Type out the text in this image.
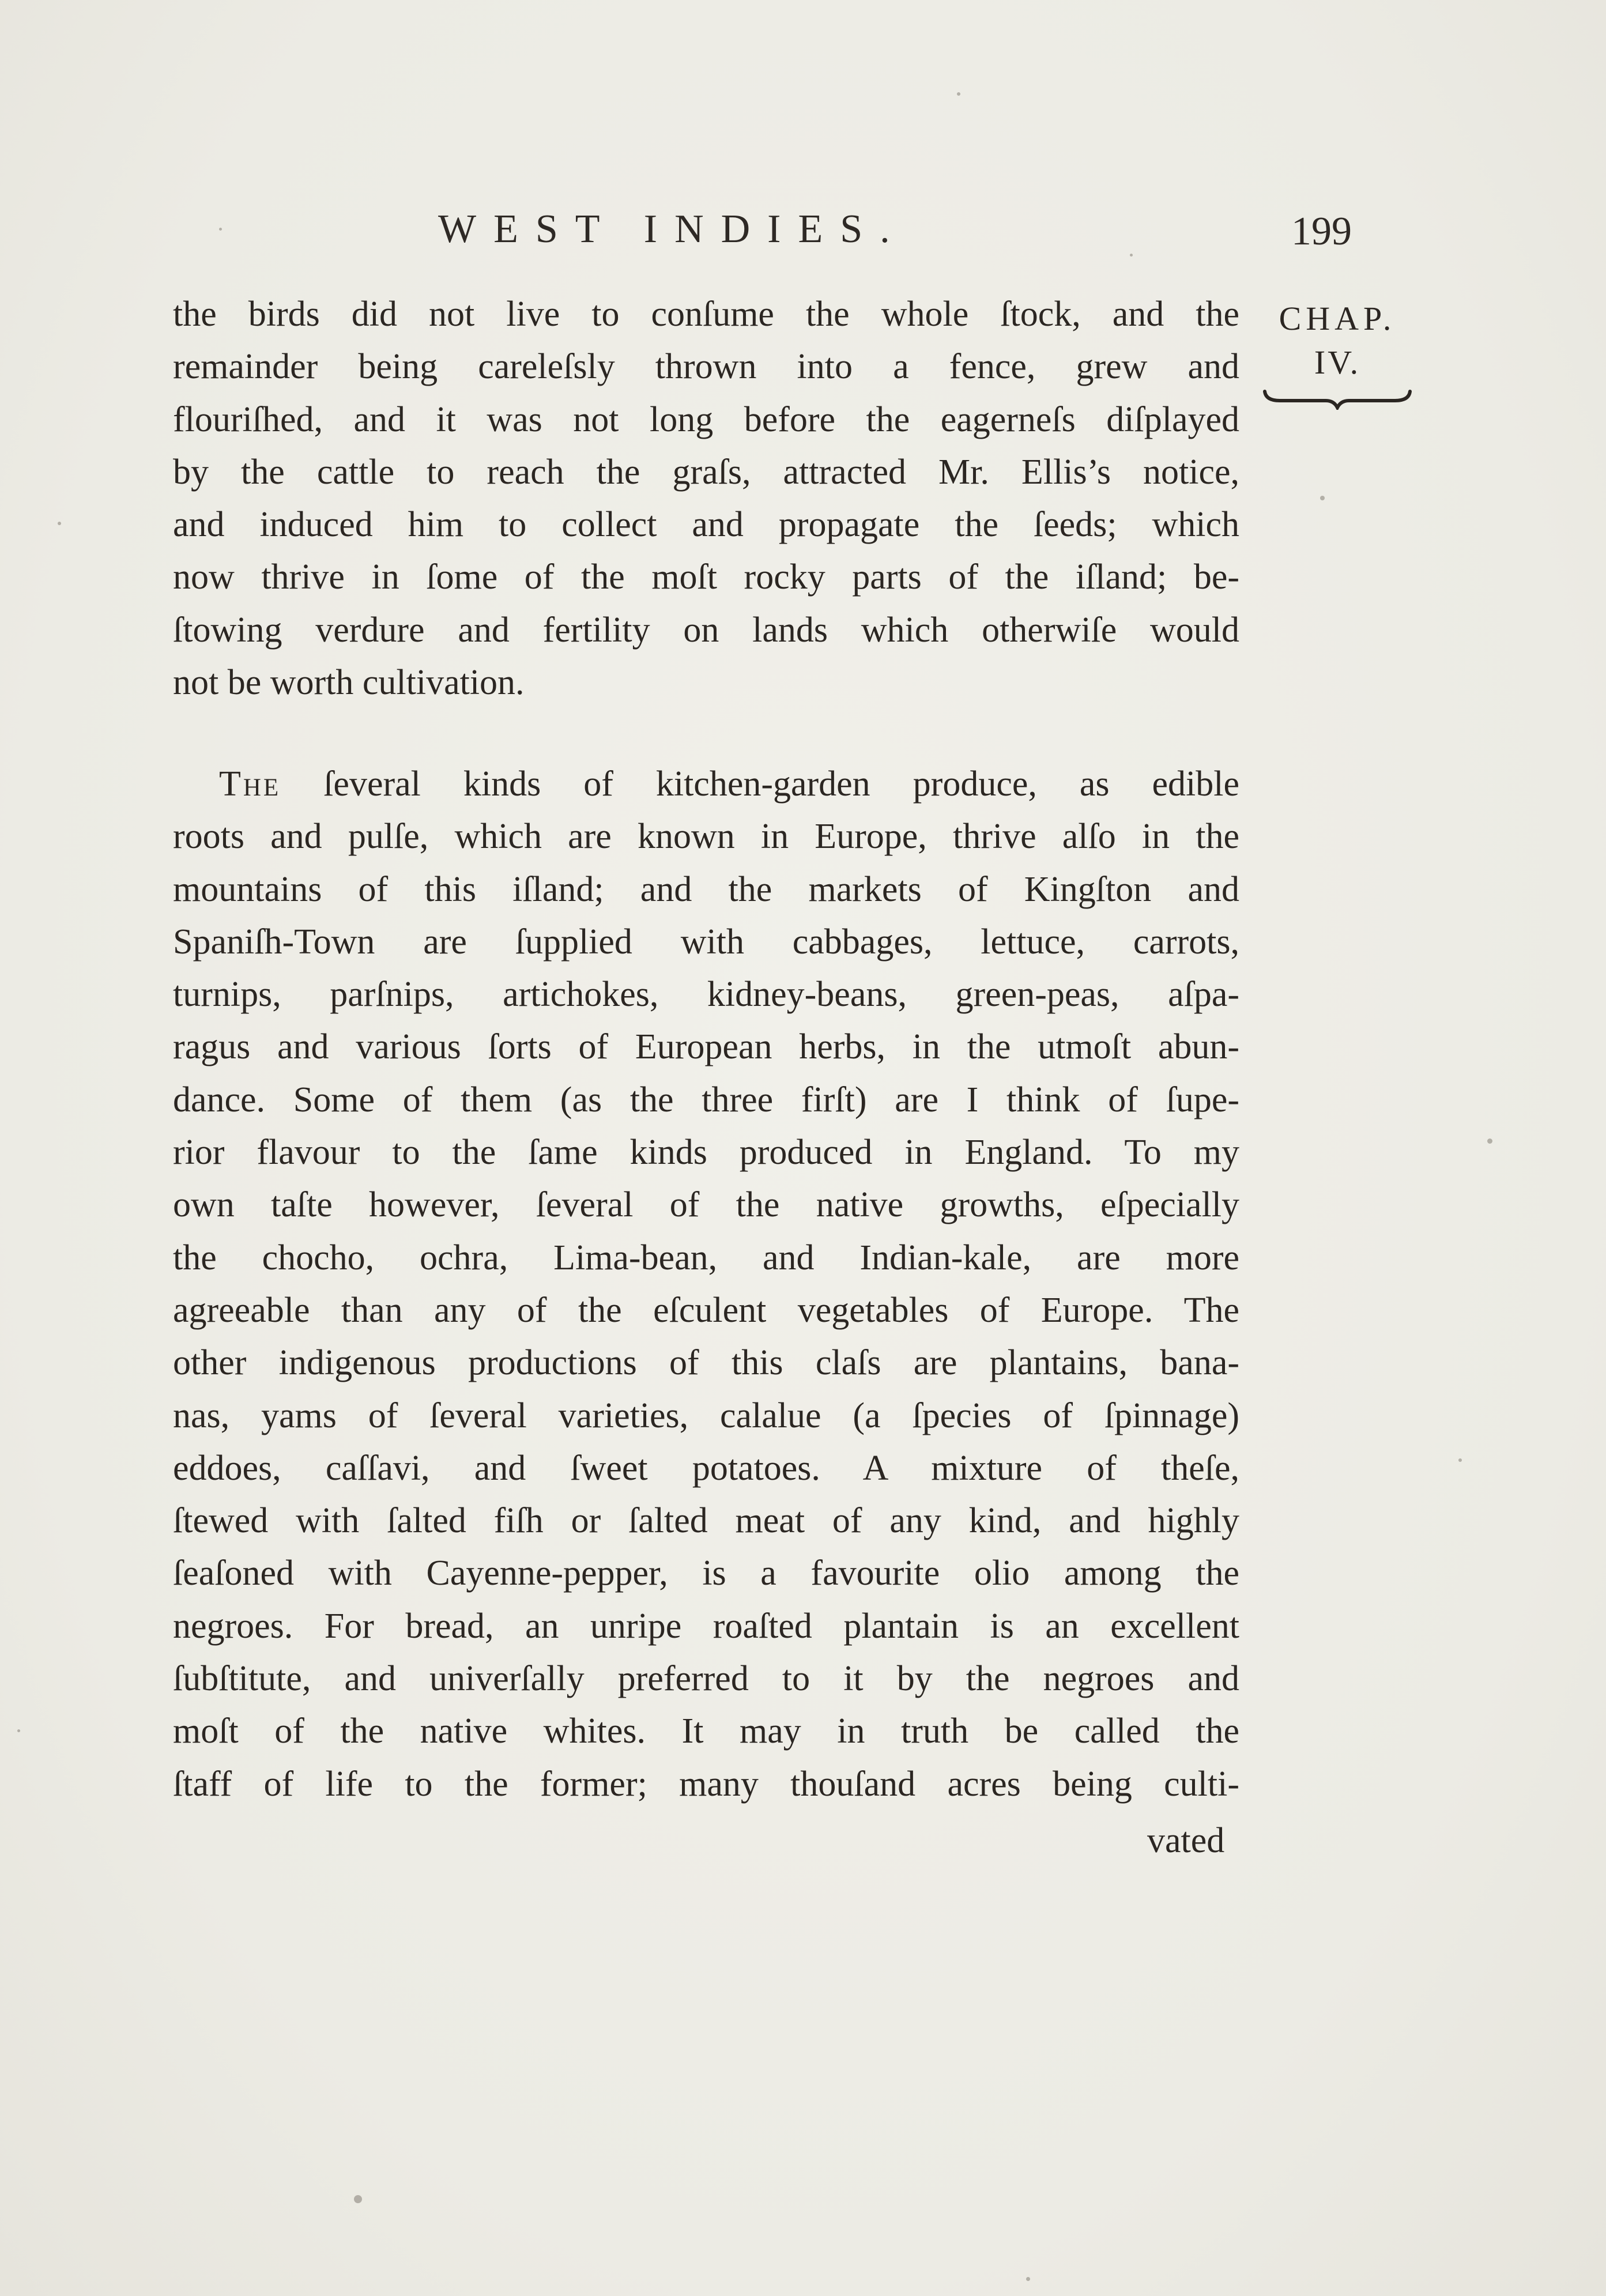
WEST INDIES.	199
CHAP.
IV.
the birds did not live to conſume the whole ſtock, and the
remainder being careleſsly thrown into a fence, grew and
flouriſhed, and it was not long before the eagerneſs diſplayed
by the cattle to reach the graſs, attracted Mr. Ellis’s notice,
and induced him to collect and propagate the ſeeds; which
now thrive in ſome of the moſt rocky parts of the iſland; be-
ſtowing verdure and fertility on lands which otherwiſe would
not be worth cultivation.
The ſeveral kinds of kitchen-garden produce, as edible
roots and pulſe, which are known in Europe, thrive alſo in the
mountains of this iſland; and the markets of Kingſton and
Spaniſh-Town are ſupplied with cabbages, lettuce, carrots,
turnips, parſnips, artichokes, kidney-beans, green-peas, aſpa-
ragus and various ſorts of European herbs, in the utmoſt abun-
dance. Some of them (as the three firſt) are I think of ſupe-
rior flavour to the ſame kinds produced in England. To my
own taſte however, ſeveral of the native growths, eſpecially
the chocho, ochra, Lima-bean, and Indian-kale, are more
agreeable than any of the eſculent vegetables of Europe. The
other indigenous productions of this claſs are plantains, bana-
nas, yams of ſeveral varieties, calalue (a ſpecies of ſpinnage)
eddoes, caſſavi, and ſweet potatoes. A mixture of theſe,
ſtewed with ſalted fiſh or ſalted meat of any kind, and highly
ſeaſoned with Cayenne-pepper, is a favourite olio among the
negroes. For bread, an unripe roaſted plantain is an excellent
ſubſtitute, and univerſally preferred to it by the negroes and
moſt of the native whites. It may in truth be called the
ſtaff of life to the former; many thouſand acres being culti-
vated
